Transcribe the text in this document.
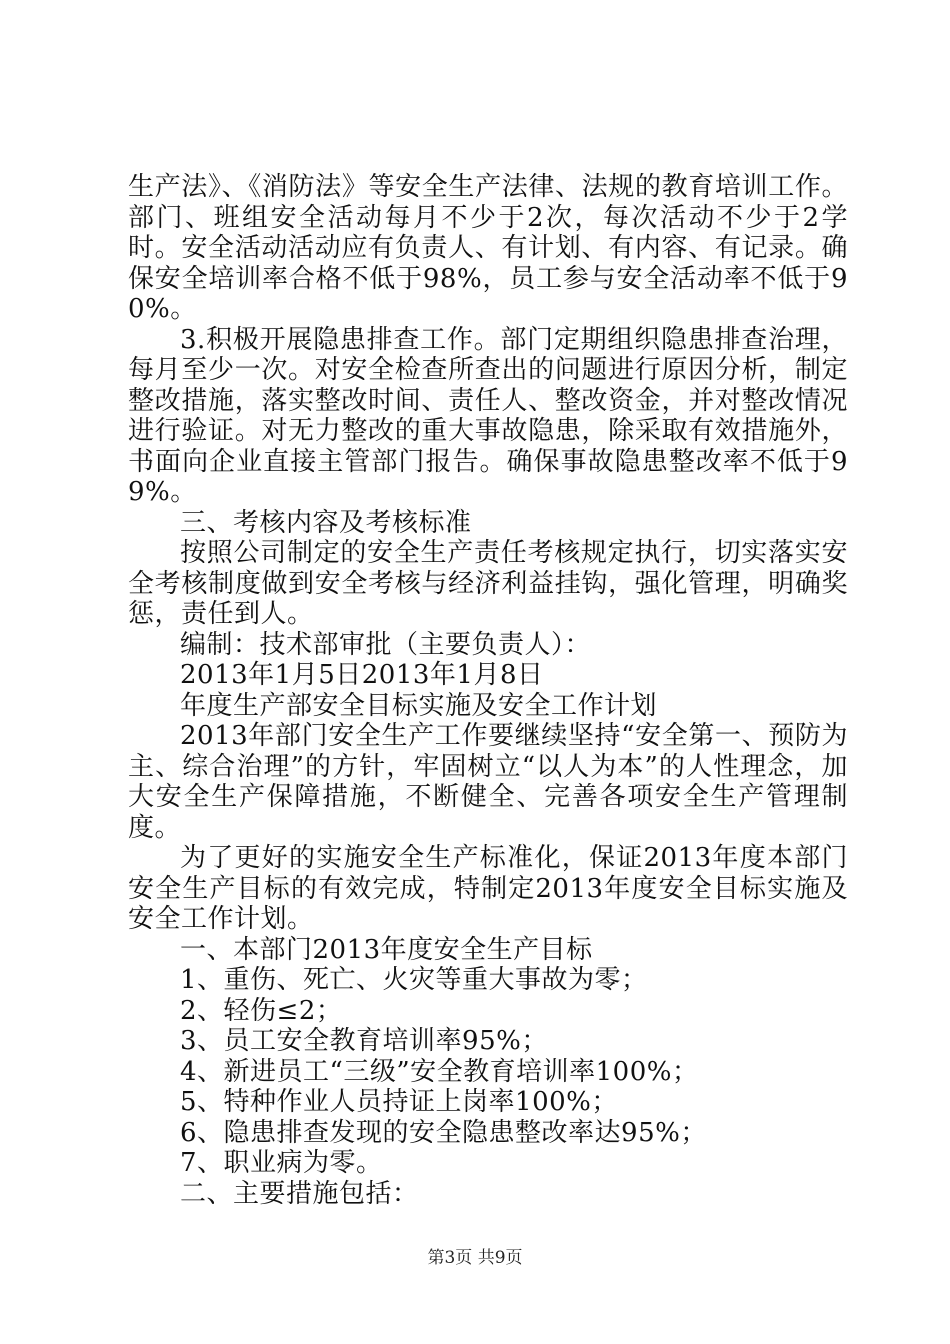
生产法》、《消防法》等安全生产法律、法规的教育培训工作。部门、班组安全活动每月不少于2次，每次活动不少于2学时。安全活动活动应有负责人、有计划、有内容、有记录。确保安全培训率合格不低于98%，员工参与安全活动率不低于90%。

3.积极开展隐患排查工作。部门定期组织隐患排查治理，每月至少一次。对安全检查所查出的问题进行原因分析，制定整改措施，落实整改时间、责任人、整改资金，并对整改情况进行验证。对无力整改的重大事故隐患，除采取有效措施外，书面向企业直接主管部门报告。确保事故隐患整改率不低于99%。

三、考核内容及考核标准

按照公司制定的安全生产责任考核规定执行，切实落实安全考核制度做到安全考核与经济利益挂钩，强化管理，明确奖惩，责任到人。

编制：技术部审批（主要负责人）：

2013年1月5日2013年1月8日

年度生产部安全目标实施及安全工作计划

2013年部门安全生产工作要继续坚持“安全第一、预防为主、综合治理”的方针，牢固树立“以人为本”的人性理念，加大安全生产保障措施，不断健全、完善各项安全生产管理制度。

为了更好的实施安全生产标准化，保证2013年度本部门安全生产目标的有效完成，特制定2013年度安全目标实施及安全工作计划。

一、本部门2013年度安全生产目标

1、重伤、死亡、火灾等重大事故为零；

2、轻伤≤2；

3、员工安全教育培训率95%；

4、新进员工“三级”安全教育培训率100%；

5、特种作业人员持证上岗率100%；

6、隐患排查发现的安全隐患整改率达95%；

7、职业病为零。

二、主要措施包括：

第3页 共9页
